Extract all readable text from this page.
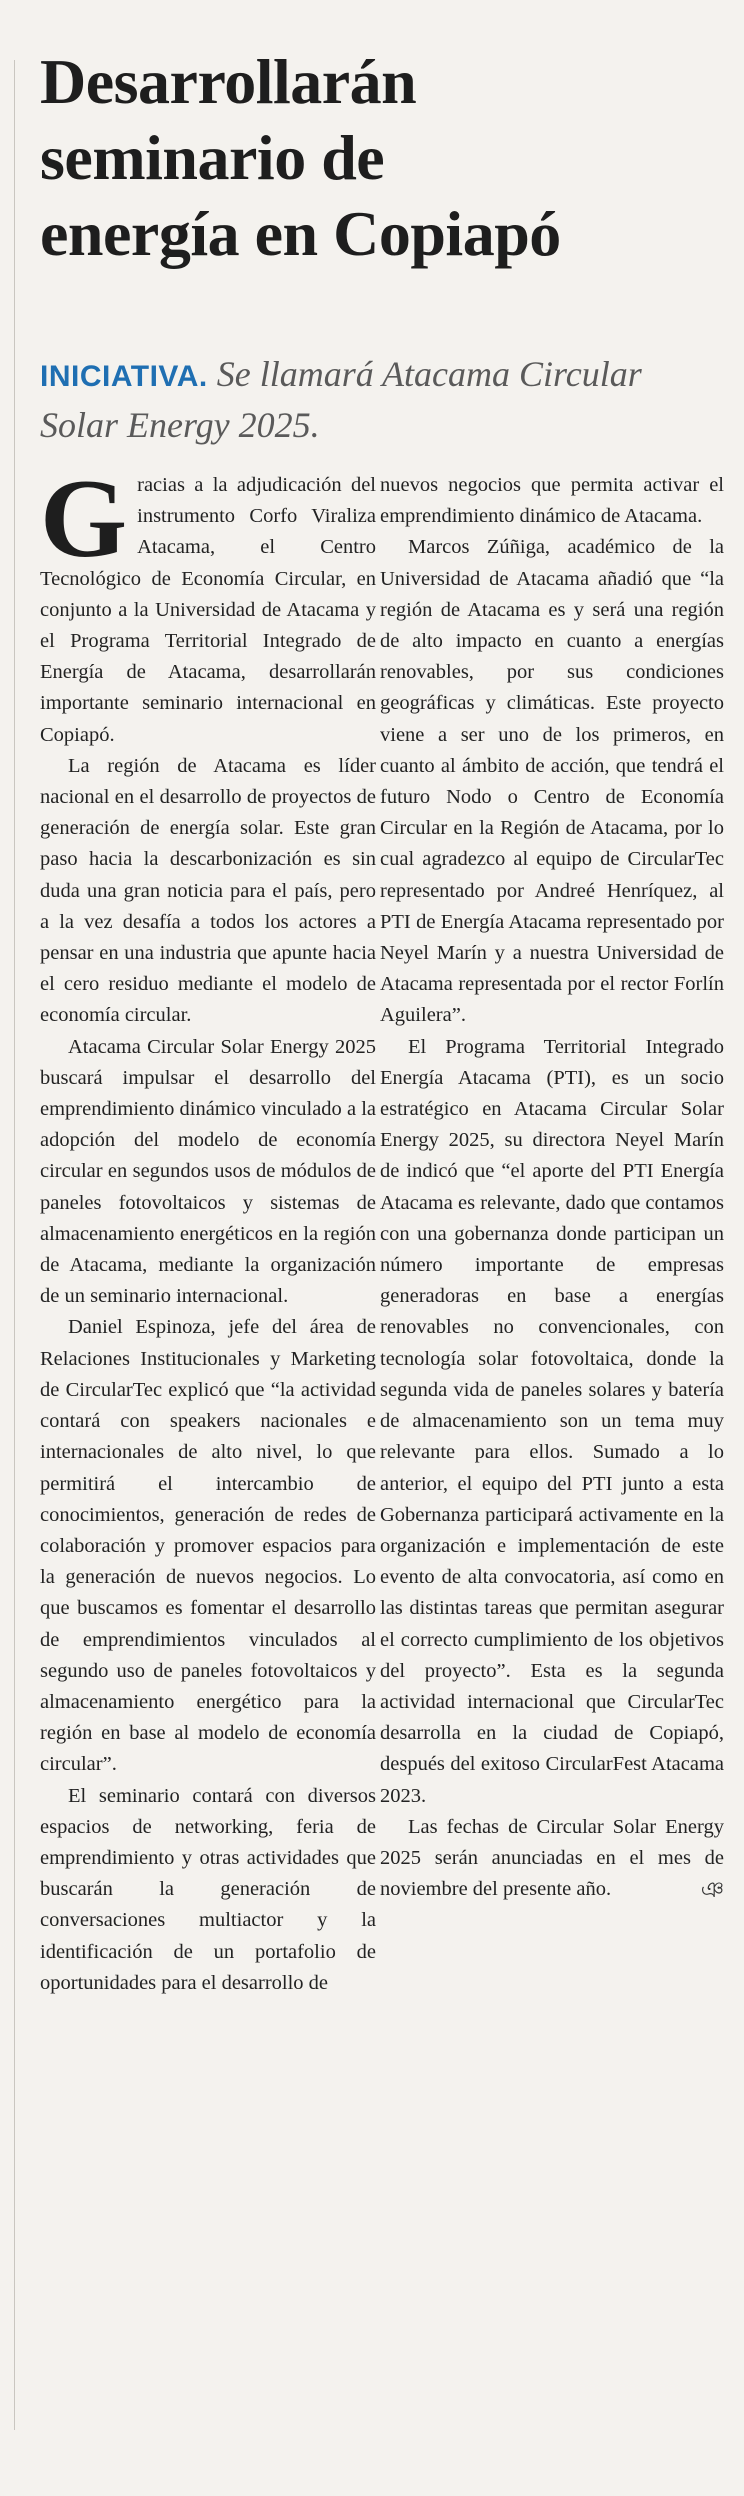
Desarrollarán
seminario de
energía en Copiapó

INICIATIVA. Se llamará Atacama Circular Solar Energy 2025.

Gracias a la adjudicación del instrumento Corfo Viraliza Atacama, el Centro Tecnológico de Economía Circular, en conjunto a la Universidad de Atacama y el Programa Territorial Integrado de Energía de Atacama, desarrollarán importante seminario internacional en Copiapó.

La región de Atacama es líder nacional en el desarrollo de proyectos de generación de energía solar. Este gran paso hacia la descarbonización es sin duda una gran noticia para el país, pero a la vez desafía a todos los actores a pensar en una industria que apunte hacia el cero residuo mediante el modelo de economía circular.

Atacama Circular Solar Energy 2025 buscará impulsar el desarrollo del emprendimiento dinámico vinculado a la adopción del modelo de economía circular en segundos usos de módulos de paneles fotovoltaicos y sistemas de almacenamiento energéticos en la región de Atacama, mediante la organización de un seminario internacional.

Daniel Espinoza, jefe del área de Relaciones Institucionales y Marketing de CircularTec explicó que “la actividad contará con speakers nacionales e internacionales de alto nivel, lo que permitirá el intercambio de conocimientos, generación de redes de colaboración y promover espacios para la generación de nuevos negocios. Lo que buscamos es fomentar el desarrollo de emprendimientos vinculados al segundo uso de paneles fotovoltaicos y almacenamiento energético para la región en base al modelo de economía circular”.

El seminario contará con diversos espacios de networking, feria de emprendimiento y otras actividades que buscarán la generación de conversaciones multiactor y la identificación de un portafolio de oportunidades para el desarrollo de

nuevos negocios que permita activar el emprendimiento dinámico de Atacama.

Marcos Zúñiga, académico de la Universidad de Atacama añadió que “la región de Atacama es y será una región de alto impacto en cuanto a energías renovables, por sus condiciones geográficas y climáticas. Este proyecto viene a ser uno de los primeros, en cuanto al ámbito de acción, que tendrá el futuro Nodo o Centro de Economía Circular en la Región de Atacama, por lo cual agradezco al equipo de CircularTec representado por Andreé Henríquez, al PTI de Energía Atacama representado por Neyel Marín y a nuestra Universidad de Atacama representada por el rector Forlín Aguilera”.

El Programa Territorial Integrado Energía Atacama (PTI), es un socio estratégico en Atacama Circular Solar Energy 2025, su directora Neyel Marín de indicó que “el aporte del PTI Energía Atacama es relevante, dado que contamos con una gobernanza donde participan un número importante de empresas generadoras en base a energías renovables no convencionales, con tecnología solar fotovoltaica, donde la segunda vida de paneles solares y batería de almacenamiento son un tema muy relevante para ellos. Sumado a lo anterior, el equipo del PTI junto a esta Gobernanza participará activamente en la organización e implementación de este evento de alta convocatoria, así como en las distintas tareas que permitan asegurar el correcto cumplimiento de los objetivos del proyecto”. Esta es la segunda actividad internacional que CircularTec desarrolla en la ciudad de Copiapó, después del exitoso CircularFest Atacama 2023.

Las fechas de Circular Solar Energy 2025 serán anunciadas en el mes de noviembre del presente año.	ঞ
